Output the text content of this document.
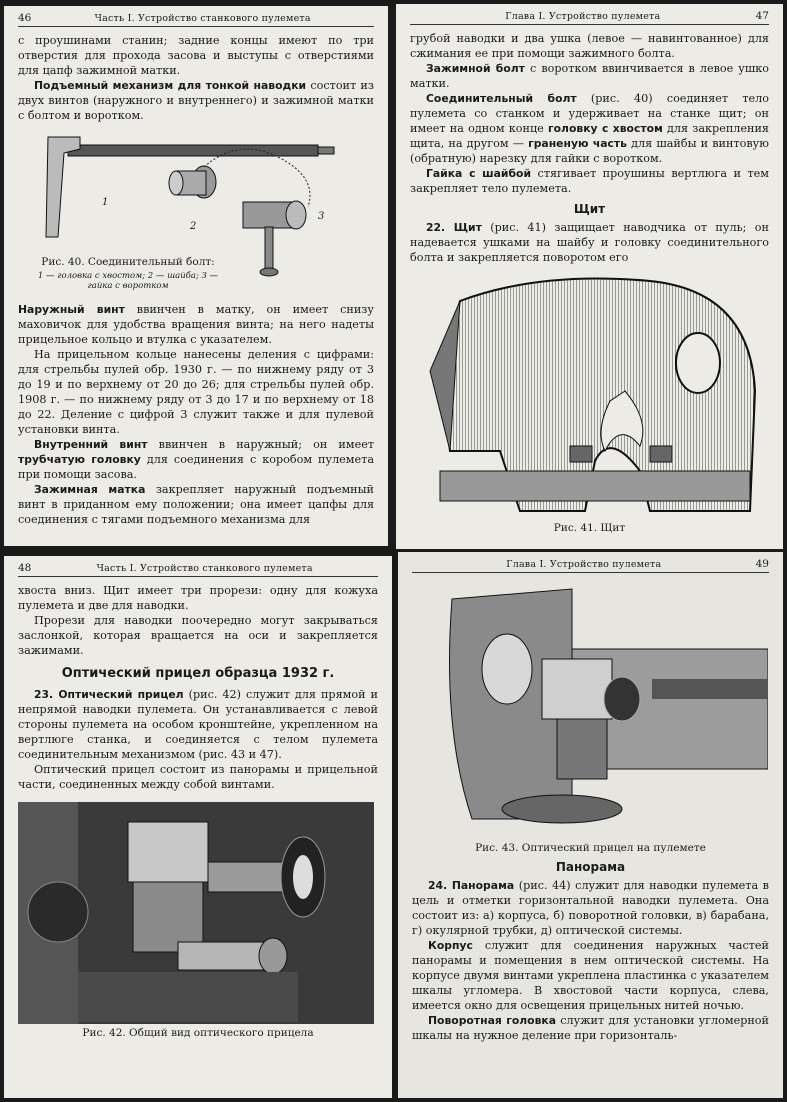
46	Часть I. Устройство станкового пулемета

с проушинами станин; задние концы имеют по три отверстия для прохода засова и выступы с отверстиями для цапф зажимной матки.

Подъемный механизм для тонкой наводки состоит из двух винтов (наружного и внутреннего) и зажимной матки с болтом и воротком.

1
2
3
Рис. 40. Соединительный болт:
1 — головка с хвостом; 2 — шайба; 3 — гайка с воротком

Наружный винт ввинчен в матку, он имеет снизу маховичок для удобства вращения винта; на него надеты прицельное кольцо и втулка с указателем.

На прицельном кольце нанесены деления с цифрами: для стрельбы пулей обр. 1930 г. — по нижнему ряду от 3 до 19 и по верхнему от 20 до 26; для стрельбы пулей обр. 1908 г. — по нижнему ряду от 3 до 17 и по верхнему от 18 до 22. Деление с цифрой 3 служит также и для пулевой установки винта.

Внутренний винт ввинчен в наружный; он имеет трубчатую головку для соединения с коробом пулемета при помощи засова.

Зажимная матка закрепляет наружный подъемный винт в приданном ему положении; она имеет цапфы для соединения с тягами подъемного механизма для

Глава I. Устройство пулемета	47

грубой наводки и два ушка (левое — навинтованное) для сжимания ее при помощи зажимного болта.

Зажимной болт с воротком ввинчивается в левое ушко матки.

Соединительный болт (рис. 40) соединяет тело пулемета со станком и удерживает на станке щит; он имеет на одном конце головку с хвостом для закрепления щита, на другом — граненую часть для шайбы и винтовую (обратную) нарезку для гайки с воротком.

Гайка с шайбой стягивает проушины вертлюга и тем закрепляет тело пулемета.

Щит

22. Щит (рис. 41) защищает наводчика от пуль; он надевается ушками на шайбу и головку соединительного болта и закрепляется поворотом его

Рис. 41. Щит
48	Часть I. Устройство станкового пулемета

хвоста вниз. Щит имеет три прорези: одну для кожуха пулемета и две для наводки.

Прорези для наводки поочередно могут закрываться заслонкой, которая вращается на оси и закрепляется зажимами.

Оптический прицел образца 1932 г.

23. Оптический прицел (рис. 42) служит для прямой и непрямой наводки пулемета. Он устанавливается с левой стороны пулемета на особом кронштейне, укрепленном на вертлюге станка, и соединяется с телом пулемета соединительным механизмом (рис. 43 и 47).

Оптический прицел состоит из панорамы и прицельной части, соединенных между собой винтами.

Рис. 42. Общий вид оптического прицела
Глава I. Устройство пулемета	49
Рис. 43. Оптический прицел на пулемете
Панорама

24. Панорама (рис. 44) служит для наводки пулемета в цель и отметки горизонтальной наводки пулемета. Она состоит из: а) корпуса, б) поворотной головки, в) барабана, г) окулярной трубки, д) оптической системы.

Корпус служит для соединения наружных частей панорамы и помещения в нем оптической системы. На корпусе двумя винтами укреплена пластинка с указателем шкалы угломера. В хвостовой части корпуса, слева, имеется окно для освещения прицельных нитей ночью.

Поворотная головка служит для установки угломерной шкалы на нужное деление при горизонталь-
